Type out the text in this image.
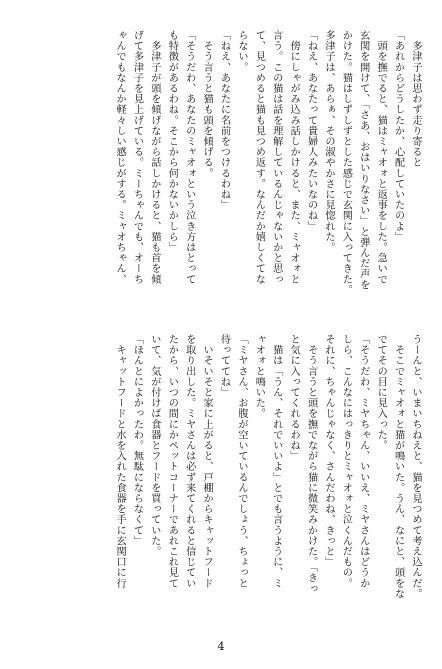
　多津子は思わず走り寄ると
「あれからどうしたか、心配していたのよ」
　頭を撫でると、猫はミャオォと返事をした。急いで
玄関を開けて、「さあ、おはいりなさい」と弾んだ声を
かけた。猫はしずしずとした感じで玄関に入ってきた。
多津子は、あらぁ、その淑やかさに見惚れた。
「ねえ、あなたって貴婦人みたいなのね」
　傍にしゃがみ込み話しかけると、また、ミャオォと
言う。この猫は話を理解しているんじゃないかと思っ
て、見つめると猫も見つめ返す。なんだか嬉しくてな
らない。
「ねえ、あなたに名前をつけるわね」
　そう言うと猫も頭を傾げる。
「そうだわ、あなたのミャオォという泣き方はとって
も特徴があるわね。そこから何かないかしら」
　多津子が頭を傾げながら話しかけると、猫も首を傾
げて多津子を見上げている。ミーちゃんでも、オーち
ゃんでもなんか軽々しい感じがする。ミャオちゃん、
うーんと、いまいちねえと、猫を見つめて考え込んだ。
　そこでミャオォと猫が鳴いた。うん、なにと、頭をな
でてその目に見入った。
「そうだわ、ミヤちゃん、いいえ、ミヤさんはどうか
しら、こんなにはっきりとミャオォと泣くんだもの。
それに、ちゃんじゃなく、さんだわね、きっと」
　そう言うと頭を撫でながら猫に微笑みかけた。「きっ
と気に入ってくれるわね」
　猫は「うん、それでいいよ」とでも言うように、ミ
ャオォと鳴いた。
「ミヤさん、お腹が空いているんでしょう、ちょっと
待っててね」
　いそいそと家に上がると、戸棚からキャットフード
を取り出した。ミヤさんは必ず来てくれると信じてい
たから、いつの間にかペットコーナーであれこれ見て
いて、気が付けば食器とフードを買っていた。
「ほんとによかったわ。無駄にならなくて」
　キャットフードと水を入れた食器を手に玄関口に行
4
